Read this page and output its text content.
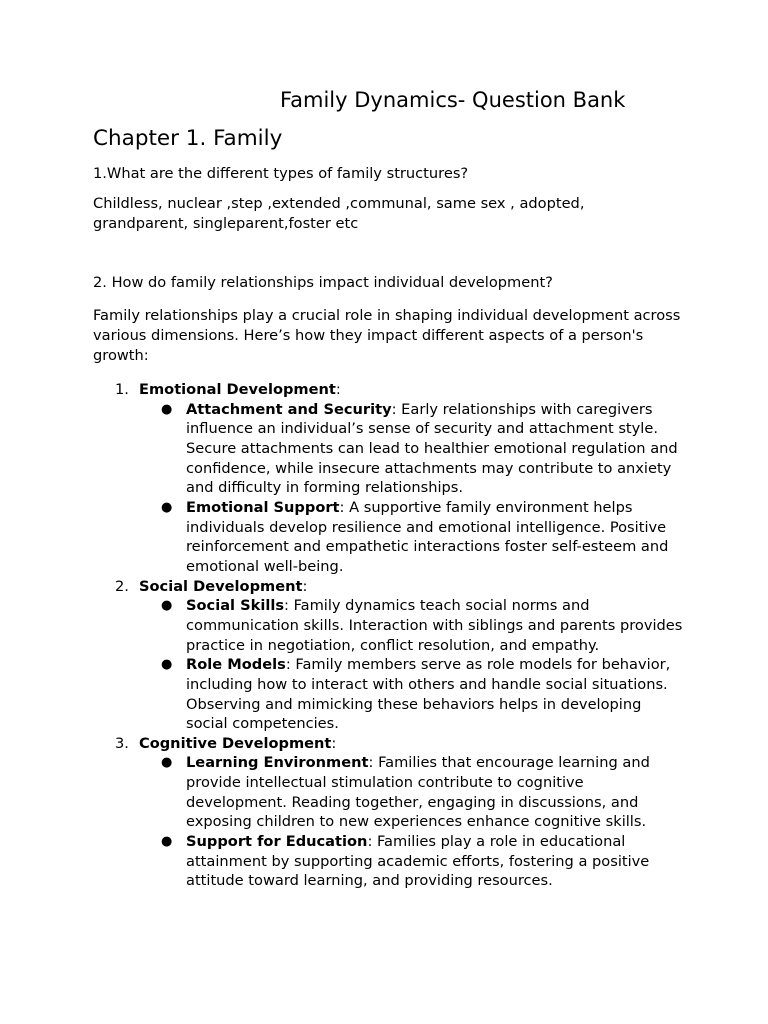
Family Dynamics- Question Bank
Chapter 1. Family

1.What are the different types of family structures?

Childless, nuclear ,step ,extended ,communal, same sex , adopted, grandparent, singleparent,foster etc

2. How do family relationships impact individual development?

Family relationships play a crucial role in shaping individual development across various dimensions. Here’s how they impact different aspects of a person's growth:

1. Emotional Development:
● Attachment and Security: Early relationships with caregivers influence an individual’s sense of security and attachment style. Secure attachments can lead to healthier emotional regulation and confidence, while insecure attachments may contribute to anxiety and difficulty in forming relationships.
● Emotional Support: A supportive family environment helps individuals develop resilience and emotional intelligence. Positive reinforcement and empathetic interactions foster self-esteem and emotional well-being.
2. Social Development:
● Social Skills: Family dynamics teach social norms and communication skills. Interaction with siblings and parents provides practice in negotiation, conflict resolution, and empathy.
● Role Models: Family members serve as role models for behavior, including how to interact with others and handle social situations. Observing and mimicking these behaviors helps in developing social competencies.
3. Cognitive Development:
● Learning Environment: Families that encourage learning and provide intellectual stimulation contribute to cognitive development. Reading together, engaging in discussions, and exposing children to new experiences enhance cognitive skills.
● Support for Education: Families play a role in educational attainment by supporting academic efforts, fostering a positive attitude toward learning, and providing resources.
